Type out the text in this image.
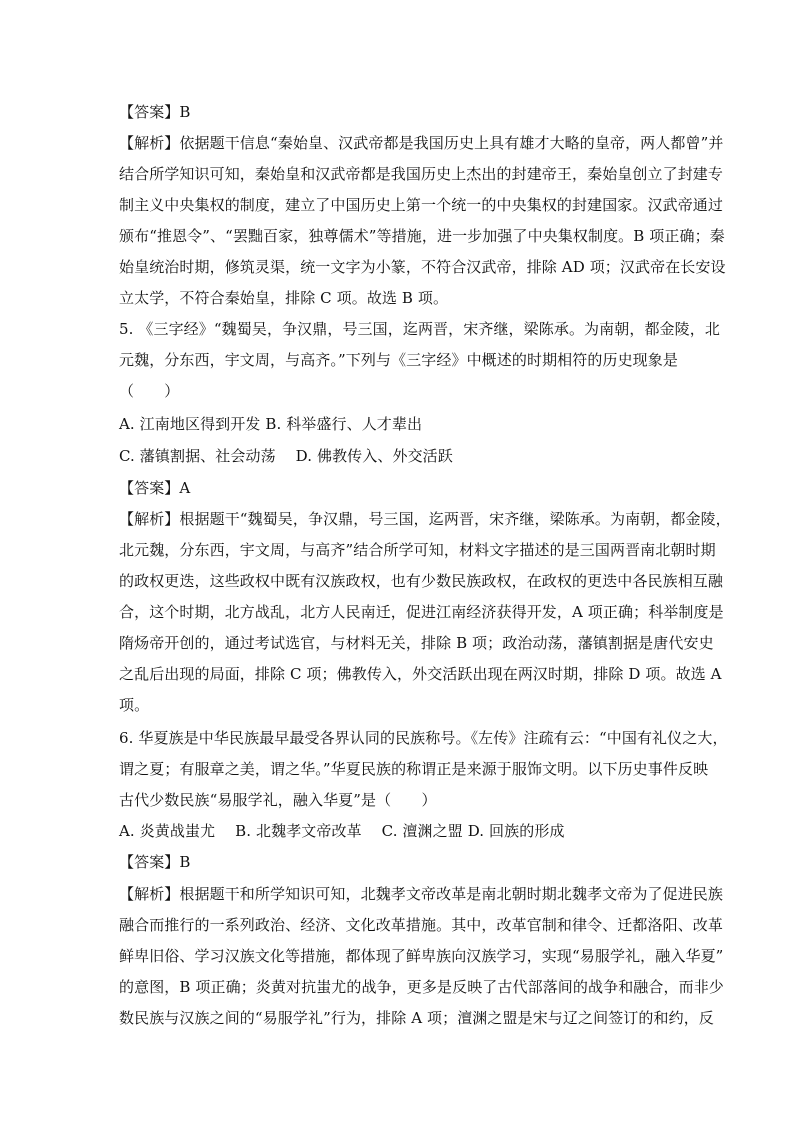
【答案】B
【解析】依据题干信息“秦始皇、汉武帝都是我国历史上具有雄才大略的皇帝，两人都曾”并
结合所学知识可知，秦始皇和汉武帝都是我国历史上杰出的封建帝王，秦始皇创立了封建专
制主义中央集权的制度，建立了中国历史上第一个统一的中央集权的封建国家。汉武帝通过
颁布“推恩令”、“罢黜百家，独尊儒术”等措施，进一步加强了中央集权制度。B 项正确；秦
始皇统治时期，修筑灵渠，统一文字为小篆，不符合汉武帝，排除 AD 项；汉武帝在长安设
立太学，不符合秦始皇，排除 C 项。故选 B 项。
5. 《三字经》“魏蜀吴，争汉鼎，号三国，迄两晋，宋齐继，梁陈承。为南朝，都金陵，北
元魏，分东西，宇文周，与高齐。”下列与《三字经》中概述的时期相符的历史现象是
（　　）
A. 江南地区得到开发 B. 科举盛行、人才辈出
C. 藩镇割据、社会动荡　 D. 佛教传入、外交活跃
【答案】A
【解析】根据题干“魏蜀吴，争汉鼎，号三国，迄两晋，宋齐继，梁陈承。为南朝，都金陵，
北元魏，分东西，宇文周，与高齐”结合所学可知，材料文字描述的是三国两晋南北朝时期
的政权更迭，这些政权中既有汉族政权，也有少数民族政权，在政权的更迭中各民族相互融
合，这个时期，北方战乱，北方人民南迁，促进江南经济获得开发，A 项正确；科举制度是
隋炀帝开创的，通过考试选官，与材料无关，排除 B 项；政治动荡，藩镇割据是唐代安史
之乱后出现的局面，排除 C 项；佛教传入，外交活跃出现在两汉时期，排除 D 项。故选 A
项。
6. 华夏族是中华民族最早最受各界认同的民族称号。《左传》注疏有云：“中国有礼仪之大，
谓之夏；有服章之美，谓之华。”华夏民族的称谓正是来源于服饰文明。以下历史事件反映
古代少数民族“易服学礼，融入华夏”是（　　）
A. 炎黄战蚩尤　 B. 北魏孝文帝改革　 C. 澶渊之盟 D. 回族的形成
【答案】B
【解析】根据题干和所学知识可知，北魏孝文帝改革是南北朝时期北魏孝文帝为了促进民族
融合而推行的一系列政治、经济、文化改革措施。其中，改革官制和律令、迁都洛阳、改革
鲜卑旧俗、学习汉族文化等措施，都体现了鲜卑族向汉族学习，实现“易服学礼，融入华夏”
的意图，B 项正确；炎黄对抗蚩尤的战争，更多是反映了古代部落间的战争和融合，而非少
数民族与汉族之间的“易服学礼”行为，排除 A 项；澶渊之盟是宋与辽之间签订的和约，反
